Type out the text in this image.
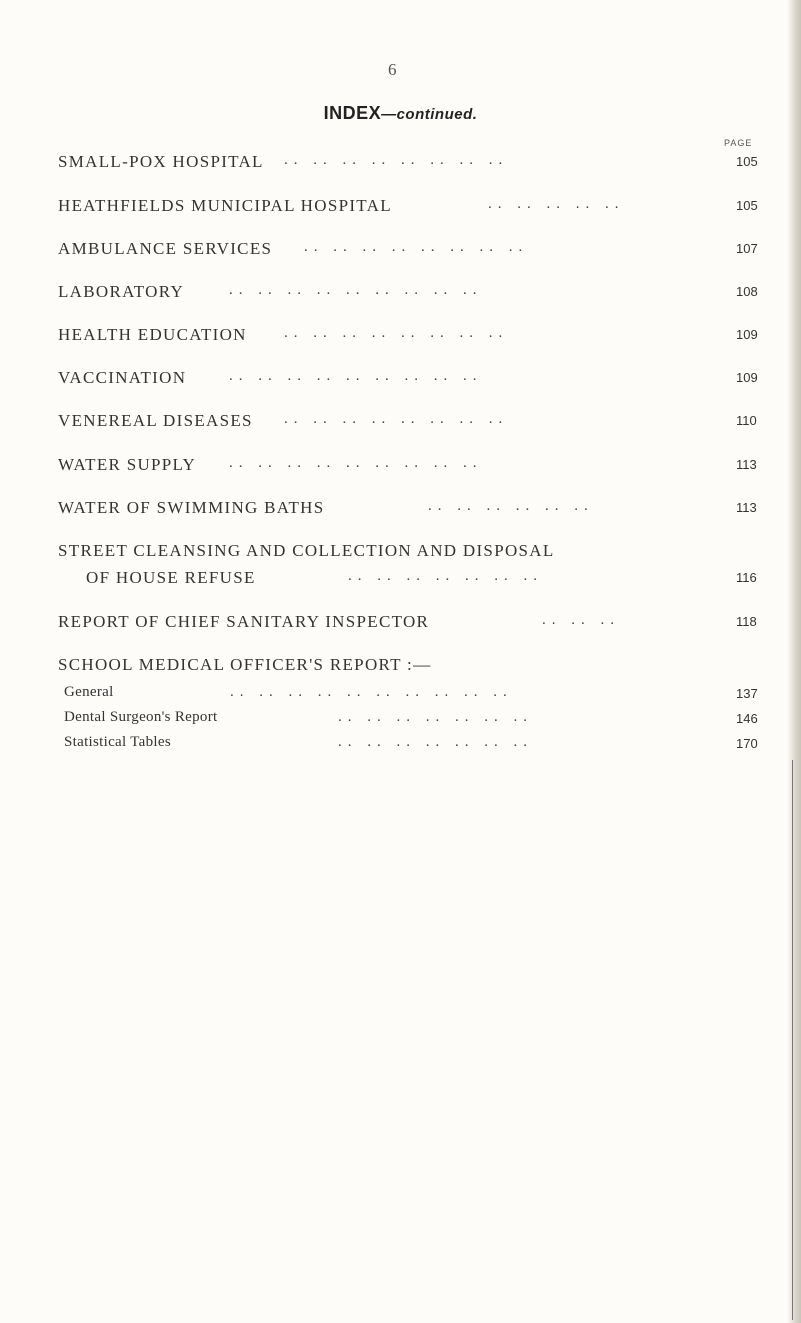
6
INDEX—continued.
PAGE
SMALL-POX HOSPITAL .. .. .. .. .. .. .. ..	105
HEATHFIELDS MUNICIPAL HOSPITAL	.. .. .. .. ..	105
AMBULANCE SERVICES .. .. .. .. .. .. .. ..	107
LABORATORY	.. .. .. .. .. .. .. .. ..	108
HEALTH EDUCATION .. .. .. .. .. .. .. ..	109
VACCINATION	.. .. .. .. .. .. .. .. ..	109
VENEREAL DISEASES .. .. .. .. .. .. .. ..	110
WATER SUPPLY .. .. .. .. .. .. .. .. ..	113
WATER OF SWIMMING BATHS	.. .. .. .. .. ..	113
STREET CLEANSING AND COLLECTION AND DISPOSAL
OF HOUSE REFUSE	.. .. .. .. .. .. ..	116
REPORT OF CHIEF SANITARY INSPECTOR	.. .. ..	118
SCHOOL MEDICAL OFFICER'S REPORT :—
General	.. .. .. .. .. .. .. .. .. ..	137
Dental Surgeon's Report	.. .. .. .. .. .. ..	146
Statistical Tables	.. .. .. .. .. .. ..	170
